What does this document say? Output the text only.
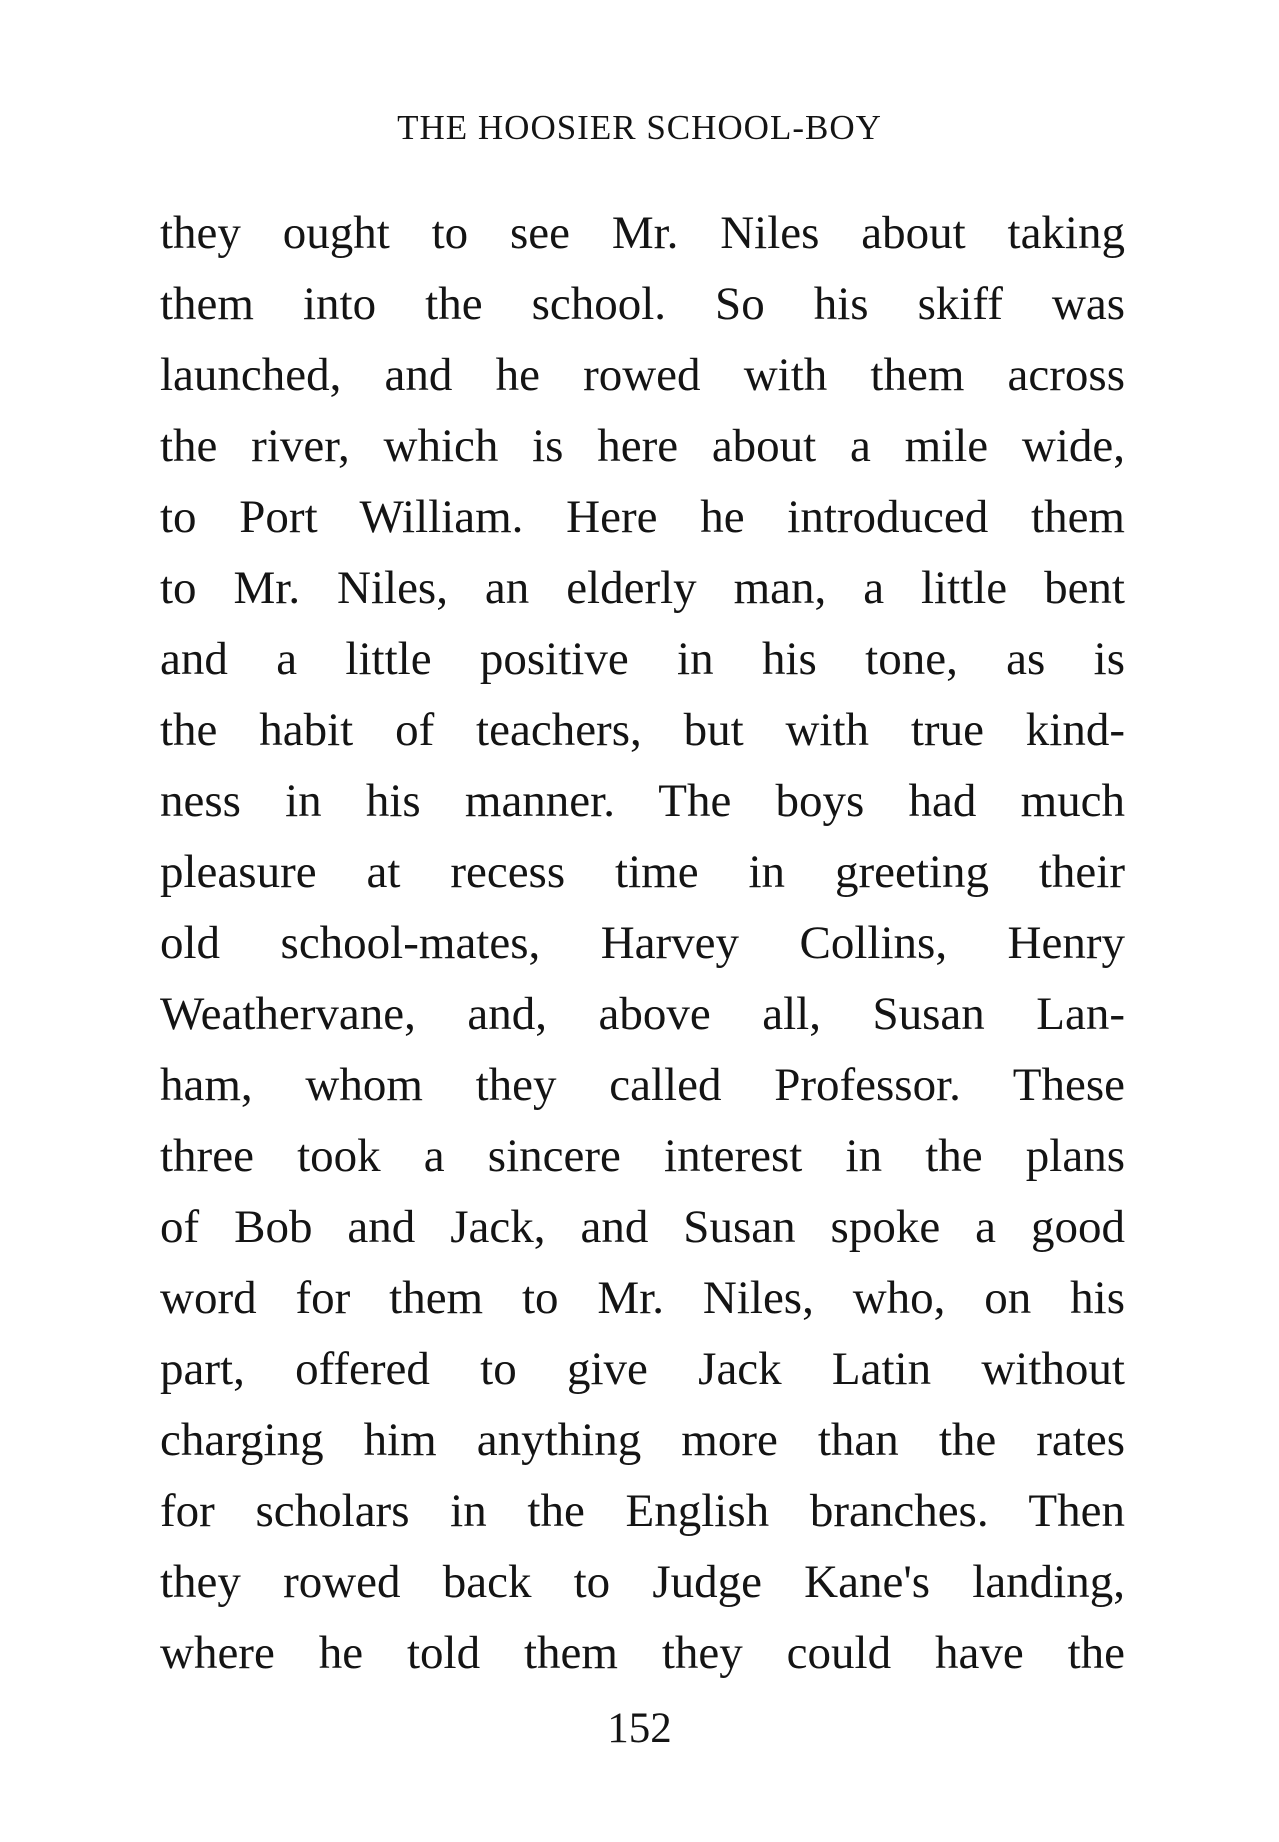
THE HOOSIER SCHOOL-BOY
they ought to see Mr. Niles about taking
them into the school. So his skiff was
launched, and he rowed with them across
the river, which is here about a mile wide,
to Port William. Here he introduced them
to Mr. Niles, an elderly man, a little bent
and a little positive in his tone, as is
the habit of teachers, but with true kind-
ness in his manner. The boys had much
pleasure at recess time in greeting their
old school-mates, Harvey Collins, Henry
Weathervane, and, above all, Susan Lan-
ham, whom they called Professor. These
three took a sincere interest in the plans
of Bob and Jack, and Susan spoke a good
word for them to Mr. Niles, who, on his
part, offered to give Jack Latin without
charging him anything more than the rates
for scholars in the English branches. Then
they rowed back to Judge Kane's landing,
where he told them they could have the
152
